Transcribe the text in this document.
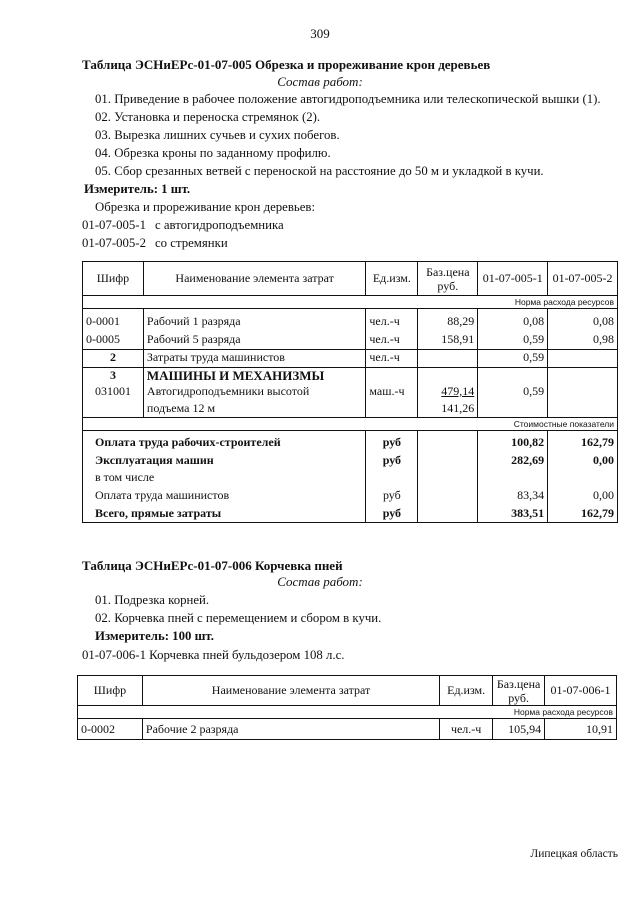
309
Таблица ЭСНиЕРс-01-07-005 Обрезка и прореживание крон деревьев
Состав работ:
01. Приведение в рабочее положение автогидроподъемника или телескопической вышки (1).
02. Установка и переноска стремянок (2).
03. Вырезка лишних сучьев и сухих побегов.
04. Обрезка кроны по заданному профилю.
05. Сбор срезанных ветвей с переноской на расстояние до 50 м и укладкой в кучи.
Измеритель: 1 шт.
Обрезка и прореживание крон деревьев:
01-07-005-1 с автогидроподъемника
01-07-005-2 со стремянки
Шифр	Наименование элемента затрат	Ед.изм.	Баз.цена руб.	01-07-005-1	01-07-005-2
Норма расхода ресурсов					

0-0001	Рабочий 1 разряда	чел.-ч	88,29	0,08	0,08
0-0005	Рабочий 5 разряда	чел.-ч	158,91	0,59	0,98
2	Затраты труда машинистов	чел.-ч		0,59	
3	МАШИНЫ И МЕХАНИЗМЫ				
031001	Автогидроподъемники высотой	маш.-ч	479,14	0,59	
	подъема 12 м		141,26		
Стоимостные показатели					

Оплата труда рабочих-строителей		руб		100,82	162,79
Эксплуатация машин		руб		282,69	0,00
в том числе					
Оплата труда машинистов		руб		83,34	0,00
Всего, прямые затраты		руб		383,51	162,79
Таблица ЭСНиЕРс-01-07-006 Корчевка пней
Состав работ:
01. Подрезка корней.
02. Корчевка пней с перемещением и сбором в кучи.
Измеритель: 100 шт.
01-07-006-1 Корчевка пней бульдозером 108 л.с.
Шифр	Наименование элемента затрат	Ед.изм.	Баз.цена руб.	01-07-006-1
Норма расхода ресурсов				

0-0002	Рабочие 2 разряда	чел.-ч	105,94	10,91
Липецкая область
